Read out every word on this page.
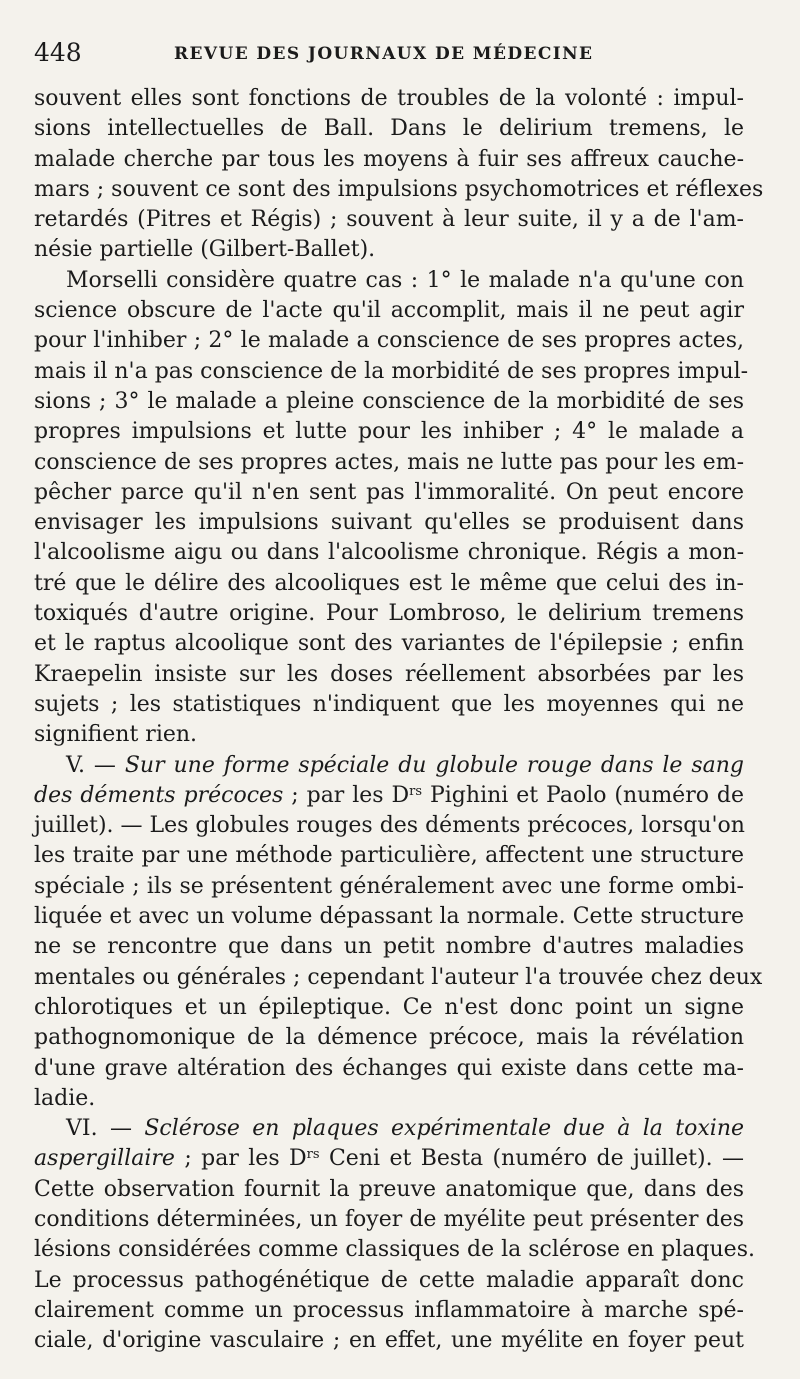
448	REVUE DES JOURNAUX DE MÉDECINE
souvent elles sont fonctions de troubles de la volonté : impul-
sions intellectuelles de Ball. Dans le delirium tremens, le
malade cherche par tous les moyens à fuir ses affreux cauche-
mars ; souvent ce sont des impulsions psychomotrices et réflexes
retardés (Pitres et Régis) ; souvent à leur suite, il y a de l'am-
nésie partielle (Gilbert-Ballet).
Morselli considère quatre cas : 1° le malade n'a qu'une con
science obscure de l'acte qu'il accomplit, mais il ne peut agir
pour l'inhiber ; 2° le malade a conscience de ses propres actes,
mais il n'a pas conscience de la morbidité de ses propres impul-
sions ; 3° le malade a pleine conscience de la morbidité de ses
propres impulsions et lutte pour les inhiber ; 4° le malade a
conscience de ses propres actes, mais ne lutte pas pour les em-
pêcher parce qu'il n'en sent pas l'immoralité. On peut encore
envisager les impulsions suivant qu'elles se produisent dans
l'alcoolisme aigu ou dans l'alcoolisme chronique. Régis a mon-
tré que le délire des alcooliques est le même que celui des in-
toxiqués d'autre origine. Pour Lombroso, le delirium tremens
et le raptus alcoolique sont des variantes de l'épilepsie ; enfin
Kraepelin insiste sur les doses réellement absorbées par les
sujets ; les statistiques n'indiquent que les moyennes qui ne
signifient rien.
V. — Sur une forme spéciale du globule rouge dans le sang
des déments précoces ; par les $D^{rs}$ Pighini et Paolo (numéro de
juillet). — Les globules rouges des déments précoces, lorsqu'on
les traite par une méthode particulière, affectent une structure
spéciale ; ils se présentent généralement avec une forme ombi-
liquée et avec un volume dépassant la normale. Cette structure
ne se rencontre que dans un petit nombre d'autres maladies
mentales ou générales ; cependant l'auteur l'a trouvée chez deux
chlorotiques et un épileptique. Ce n'est donc point un signe
pathognomonique de la démence précoce, mais la révélation
d'une grave altération des échanges qui existe dans cette ma-
ladie.
VI. — Sclérose en plaques expérimentale due à la toxine
aspergillaire ; par les $D^{rs}$ Ceni et Besta (numéro de juillet). —
Cette observation fournit la preuve anatomique que, dans des
conditions déterminées, un foyer de myélite peut présenter des
lésions considérées comme classiques de la sclérose en plaques.
Le processus pathogénétique de cette maladie apparaît donc
clairement comme un processus inflammatoire à marche spé-
ciale, d'origine vasculaire ; en effet, une myélite en foyer peut
